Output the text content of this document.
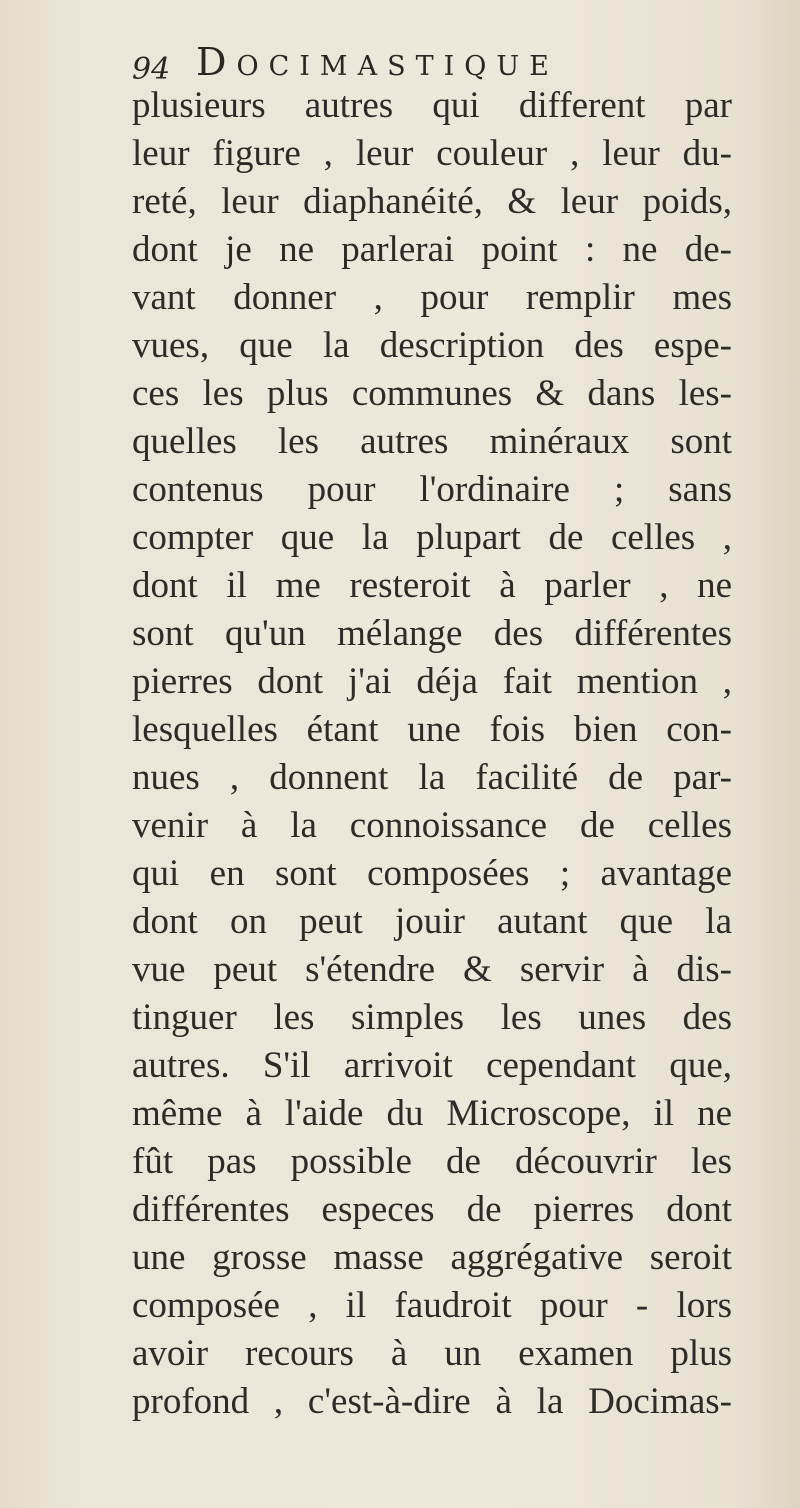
94 Docimastique
plusieurs autres qui different par
leur figure , leur couleur , leur du-
reté, leur diaphanéité, & leur poids,
dont je ne parlerai point : ne de-
vant donner , pour remplir mes
vues, que la description des espe-
ces les plus communes & dans les-
quelles les autres minéraux sont
contenus pour l'ordinaire ; sans
compter que la plupart de celles ,
dont il me resteroit à parler , ne
sont qu'un mélange des différentes
pierres dont j'ai déja fait mention ,
lesquelles étant une fois bien con-
nues , donnent la facilité de par-
venir à la connoissance de celles
qui en sont composées ; avantage
dont on peut jouir autant que la
vue peut s'étendre & servir à dis-
tinguer les simples les unes des
autres. S'il arrivoit cependant que,
même à l'aide du Microscope, il ne
fût pas possible de découvrir les
différentes especes de pierres dont
une grosse masse aggrégative seroit
composée , il faudroit pour - lors
avoir recours à un examen plus
profond , c'est-à-dire à la Docimas-
